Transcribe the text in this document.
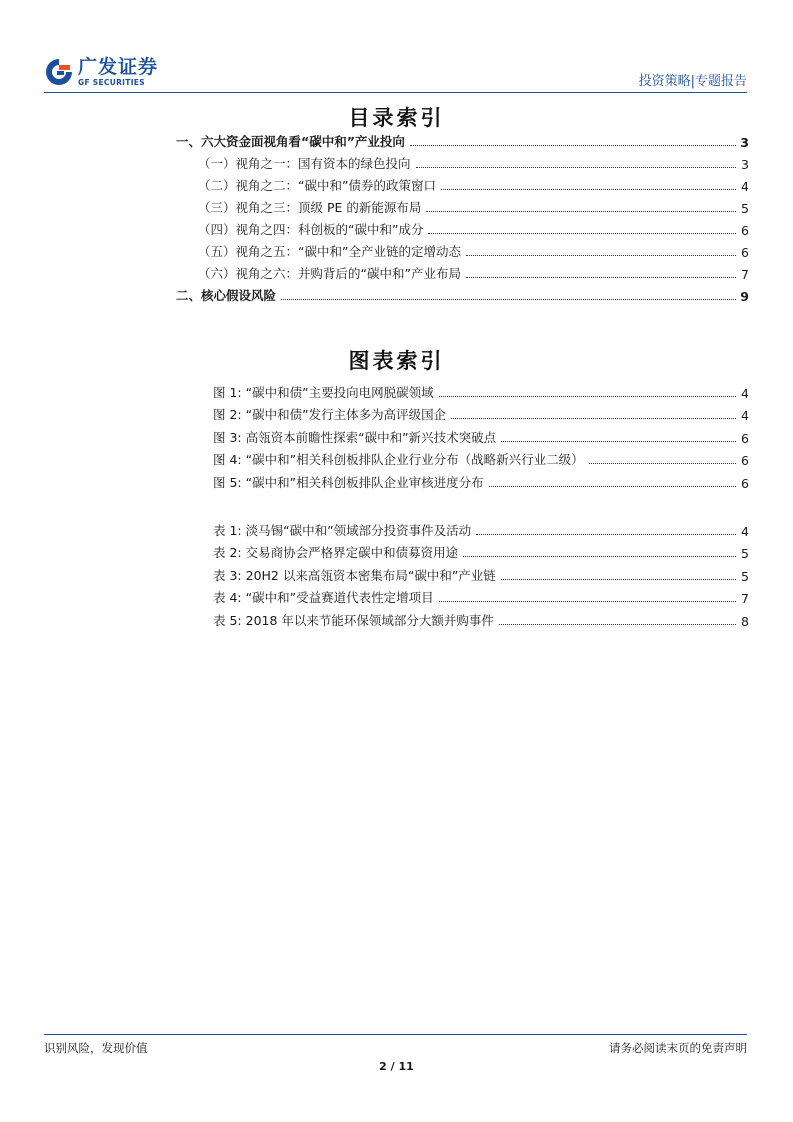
广发证券
GF SECURITIES	投资策略|专题报告
目录索引
一、六大资金面视角看“碳中和”产业投向	3
（一）视角之一：国有资本的绿色投向	3
（二）视角之二：“碳中和”债券的政策窗口	4
（三）视角之三：顶级 PE 的新能源布局	5
（四）视角之四：科创板的“碳中和”成分	6
（五）视角之五：“碳中和”全产业链的定增动态	6
（六）视角之六：并购背后的“碳中和”产业布局	7
二、核心假设风险	9
图表索引
图 1: “碳中和债”主要投向电网脱碳领域	4
图 2: “碳中和债”发行主体多为高评级国企	4
图 3: 高瓴资本前瞻性探索“碳中和”新兴技术突破点	6
图 4: “碳中和”相关科创板排队企业行业分布（战略新兴行业二级）	6
图 5: “碳中和”相关科创板排队企业审核进度分布	6
表 1: 淡马锡“碳中和”领域部分投资事件及活动	4
表 2: 交易商协会严格界定碳中和债募资用途	5
表 3: 20H2 以来高瓴资本密集布局“碳中和”产业链	5
表 4: “碳中和”受益赛道代表性定增项目	7
表 5: 2018 年以来节能环保领域部分大额并购事件	8
识别风险，发现价值	请务必阅读末页的免责声明
2 / 11
